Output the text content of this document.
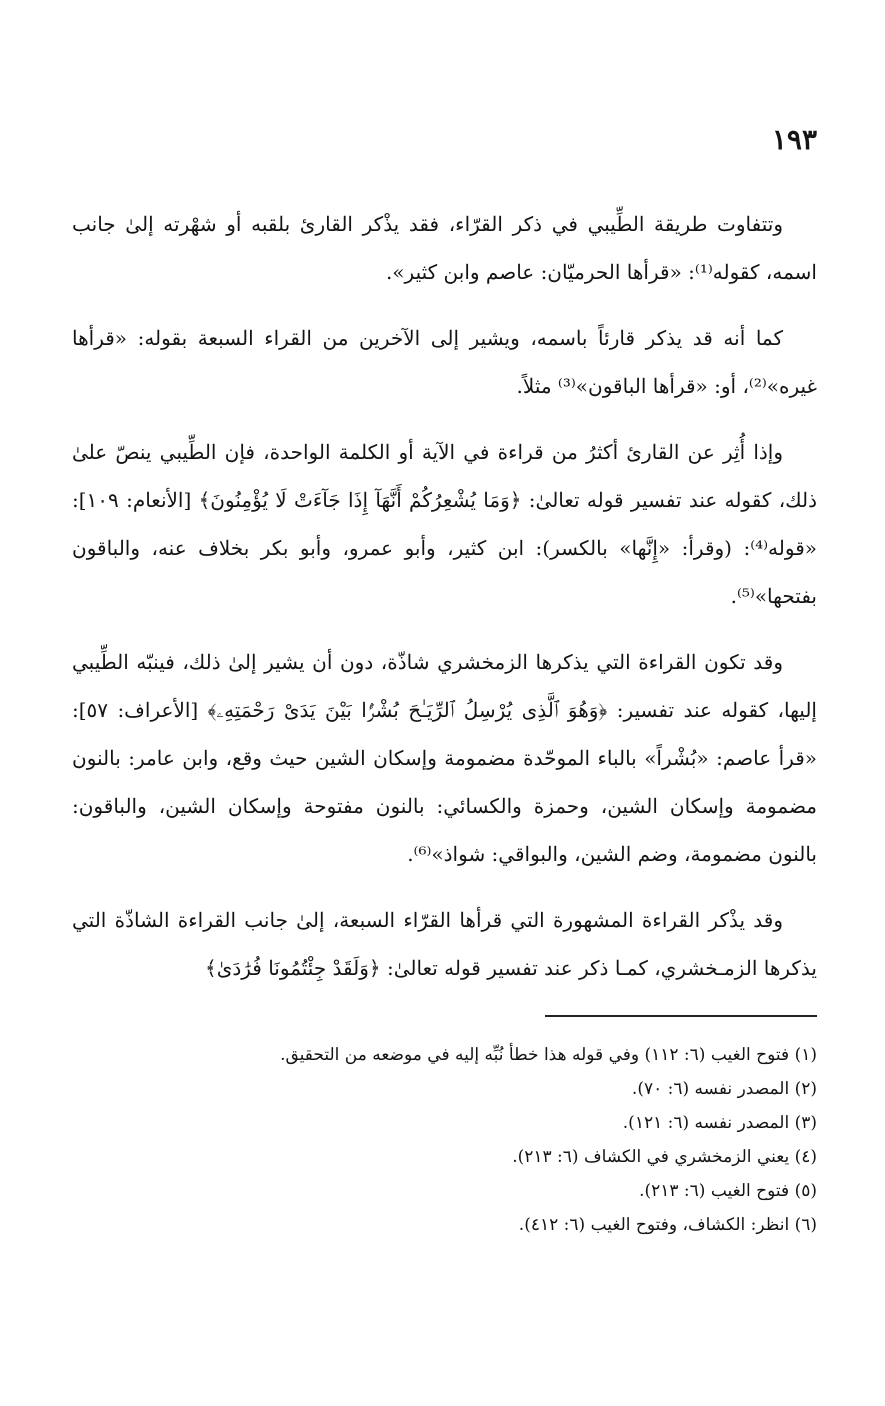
١٩٣

وتتفاوت طريقة الطِّيبي في ذكر القرّاء، فقد يذْكر القارئ بلقبه أو شهْرته إلىٰ جانب اسمه، كقوله⁽¹⁾: «قرأها الحرميّان: عاصم وابن كثير».

كما أنه قد يذكر قارئاً باسمه، ويشير إلى الآخرين من القراء السبعة بقوله: «قرأها غيره»⁽²⁾، أو: «قرأها الباقون»⁽³⁾ مثلاً.

وإذا أُثِر عن القارئ أكثرُ من قراءة في الآية أو الكلمة الواحدة، فإن الطِّيبي ينصّ علىٰ ذلك، كقوله عند تفسير قوله تعالىٰ: ﴿وَمَا يُشْعِرُكُمْ أَنَّهَآ إِذَا جَآءَتْ لَا يُؤْمِنُونَ﴾ [الأنعام: ١٠٩]: «قوله⁽⁴⁾: (وقرأ: «إِنَّها» بالكسر): ابن كثير، وأبو عمرو، وأبو بكر بخلاف عنه، والباقون بفتحها»⁽⁵⁾.

وقد تكون القراءة التي يذكرها الزمخشري شاذّة، دون أن يشير إلىٰ ذلك، فينبّه الطِّيبي إليها، كقوله عند تفسير: ﴿وَهُوَ ٱلَّذِى يُرْسِلُ ٱلرِّيَـٰحَ بُشْرًۢا بَيْنَ يَدَىْ رَحْمَتِهِۦ﴾ [الأعراف: ٥٧]: «قرأ عاصم: «بُشْراً» بالباء الموحّدة مضمومة وإسكان الشين حيث وقع، وابن عامر: بالنون مضمومة وإسكان الشين، وحمزة والكسائي: بالنون مفتوحة وإسكان الشين، والباقون: بالنون مضمومة، وضم الشين، والبواقي: شواذ»⁽⁶⁾.

وقد يذْكر القراءة المشهورة التي قرأها القرّاء السبعة، إلىٰ جانب القراءة الشاذّة التي يذكرها الزمـخشري، كمـا ذكر عند تفسير قوله تعالىٰ: ﴿وَلَقَدْ جِئْتُمُونَا فُرَٰدَىٰ﴾

(١) فتوح الغيب (٦: ١١٢) وفي قوله هذا خطأ نُبِّه إليه في موضعه من التحقيق.
(٢) المصدر نفسه (٦: ٧٠).
(٣) المصدر نفسه (٦: ١٢١).
(٤) يعني الزمخشري في الكشاف (٦: ٢١٣).
(٥) فتوح الغيب (٦: ٢١٣).
(٦) انظر: الكشاف، وفتوح الغيب (٦: ٤١٢).
